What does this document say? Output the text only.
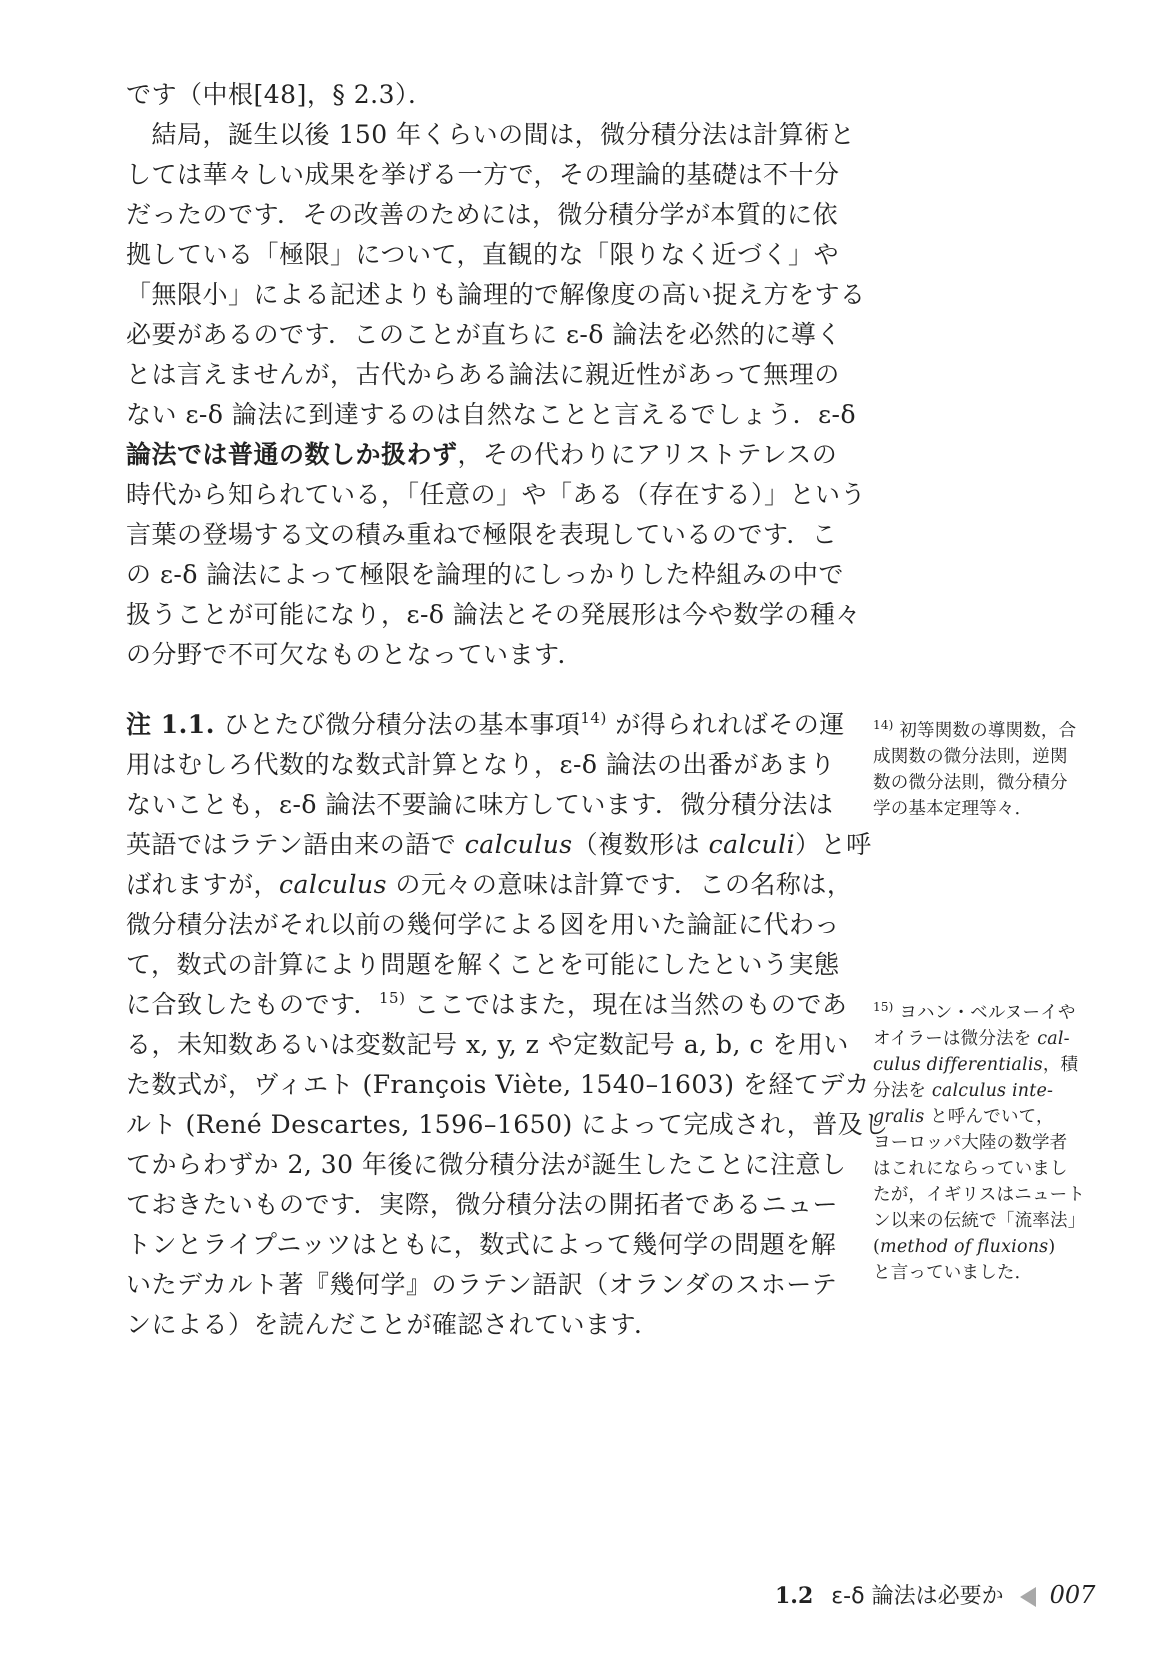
です（中根[48]，§ 2.3）．
　結局，誕生以後 150 年くらいの間は，微分積分法は計算術と
しては華々しい成果を挙げる一方で，その理論的基礎は不十分
だったのです．その改善のためには，微分積分学が本質的に依
拠している「極限」について，直観的な「限りなく近づく」や
「無限小」による記述よりも論理的で解像度の高い捉え方をする
必要があるのです．このことが直ちに ε-δ 論法を必然的に導く
とは言えませんが，古代からある論法に親近性があって無理の
ない ε-δ 論法に到達するのは自然なことと言えるでしょう．ε-δ
論法では普通の数しか扱わず，その代わりにアリストテレスの
時代から知られている，「任意の」や「ある（存在する）」という
言葉の登場する文の積み重ねで極限を表現しているのです．こ
の ε-δ 論法によって極限を論理的にしっかりした枠組みの中で
扱うことが可能になり，ε-δ 論法とその発展形は今や数学の種々
の分野で不可欠なものとなっています．
注 1.1. ひとたび微分積分法の基本事項$^{14)}$ が得られればその運
用はむしろ代数的な数式計算となり，ε-δ 論法の出番があまり
ないことも，ε-δ 論法不要論に味方しています．微分積分法は
英語ではラテン語由来の語で calculus（複数形は calculi）と呼
ばれますが，calculus の元々の意味は計算です．この名称は，
微分積分法がそれ以前の幾何学による図を用いた論証に代わっ
て，数式の計算により問題を解くことを可能にしたという実態
に合致したものです．$^{15)}$ ここではまた，現在は当然のものであ
る，未知数あるいは変数記号 x, y, z や定数記号 a, b, c を用い
た数式が，ヴィエト (François Viète, 1540–1603) を経てデカ
ルト (René Descartes, 1596–1650) によって完成され，普及し
てからわずか 2, 30 年後に微分積分法が誕生したことに注意し
ておきたいものです．実際，微分積分法の開拓者であるニュー
トンとライプニッツはともに，数式によって幾何学の問題を解
いたデカルト著『幾何学』のラテン語訳（オランダのスホーテ
ンによる）を読んだことが確認されています．
$^{14)}$ 初等関数の導関数，合
成関数の微分法則，逆関
数の微分法則，微分積分
学の基本定理等々．
$^{15)}$ ヨハン・ベルヌーイや
オイラーは微分法を cal-
culus differentialis，積
分法を calculus inte-
gralis と呼んでいて，
ヨーロッパ大陸の数学者
はこれにならっていまし
たが，イギリスはニュート
ン以来の伝統で「流率法」
(method of fluxions)
と言っていました．
1.2 ε-δ 論法は必要か 007
